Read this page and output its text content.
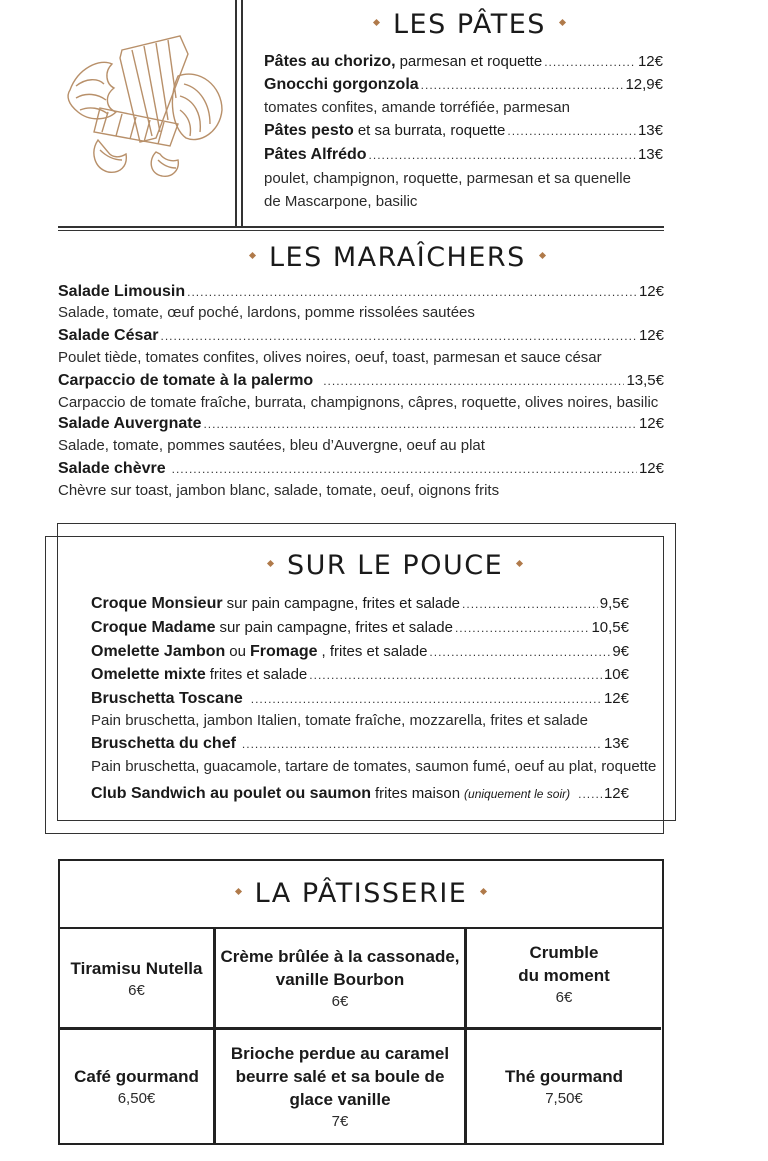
LES PÂTES
Pâtes au chorizo, parmesan et roquette .....	12€
Gnocchi gorgonzola .....	12,9€
tomates confites, amande torréfiée, parmesan
Pâtes pesto et sa burrata, roquette .....	13€
Pâtes Alfrédo .....	13€
poulet, champignon, roquette, parmesan et sa quenelle
de Mascarpone, basilic
LES MARAÎCHERS
Salade Limousin .....	12€
Salade, tomate, œuf poché, lardons, pomme rissolées sautées
Salade César .....	12€
Poulet tiède, tomates confites, olives noires, oeuf, toast, parmesan et sauce césar
Carpaccio de tomate à la palermo .....	13,5€
Carpaccio de tomate fraîche, burrata, champignons, câpres, roquette, olives noires, basilic
Salade Auvergnate .....	12€
Salade, tomate, pommes sautées, bleu d’Auvergne, oeuf au plat
Salade chèvre .....	12€
Chèvre sur toast, jambon blanc, salade, tomate, oeuf, oignons frits
SUR LE POUCE
Croque Monsieur sur pain campagne, frites et salade .....	9,5€
Croque Madame sur pain campagne, frites et salade .....	10,5€
Omelette Jambon ou Fromage , frites et salade .....	9€
Omelette mixte frites et salade .....	10€
Bruschetta Toscane .....	12€
Pain bruschetta, jambon Italien, tomate fraîche, mozzarella, frites et salade
Bruschetta du chef .....	13€
Pain bruschetta, guacamole, tartare de tomates, saumon fumé, oeuf au plat, roquette
Club Sandwich au poulet ou saumon frites maison (uniquement le soir) ..... 12€
LA PÂTISSERIE
Tiramisu Nutella
6€
Crème brûlée à la cassonade,
vanille Bourbon
6€
Crumble
du moment
6€
Café gourmand
6,50€
Brioche perdue au caramel
beurre salé et sa boule de
glace vanille
7€
Thé gourmand
7,50€
